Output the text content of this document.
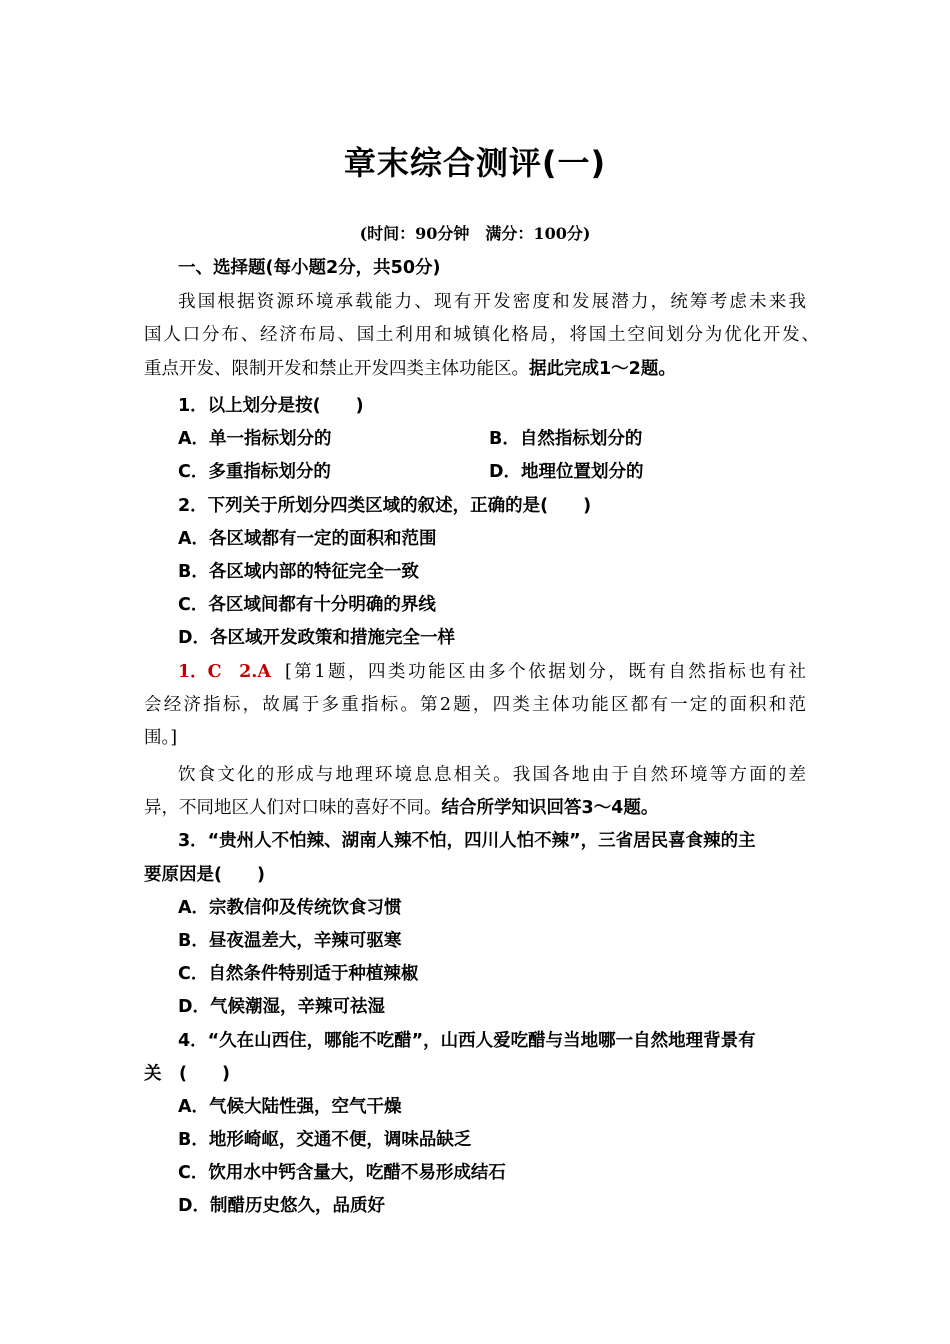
章末综合测评(一)
(时间：90分钟　满分：100分)
一、选择题(每小题2分，共50分)
我国根据资源环境承载能力、现有开发密度和发展潜力，统筹考虑未来我
国人口分布、经济布局、国土利用和城镇化格局，将国土空间划分为优化开发、
重点开发、限制开发和禁止开发四类主体功能区。据此完成1～2题。
1．以上划分是按(　　)
A．单一指标划分的	B．自然指标划分的
C．多重指标划分的	D．地理位置划分的
2．下列关于所划分四类区域的叙述，正确的是(　　)
A．各区域都有一定的面积和范围
B．各区域内部的特征完全一致
C．各区域间都有十分明确的界线
D．各区域开发政策和措施完全一样
1．C　2.A [第1题，四类功能区由多个依据划分，既有自然指标也有社
会经济指标，故属于多重指标。第2题，四类主体功能区都有一定的面积和范
围。]
饮食文化的形成与地理环境息息相关。我国各地由于自然环境等方面的差
异，不同地区人们对口味的喜好不同。结合所学知识回答3～4题。
3．“贵州人不怕辣、湖南人辣不怕，四川人怕不辣”，三省居民喜食辣的主
要原因是(　　)
A．宗教信仰及传统饮食习惯
B．昼夜温差大，辛辣可驱寒
C．自然条件特别适于种植辣椒
D．气候潮湿，辛辣可祛湿
4．“久在山西住，哪能不吃醋”，山西人爱吃醋与当地哪一自然地理背景有
关　(　　)
A．气候大陆性强，空气干燥
B．地形崎岖，交通不便，调味品缺乏
C．饮用水中钙含量大，吃醋不易形成结石
D．制醋历史悠久，品质好
